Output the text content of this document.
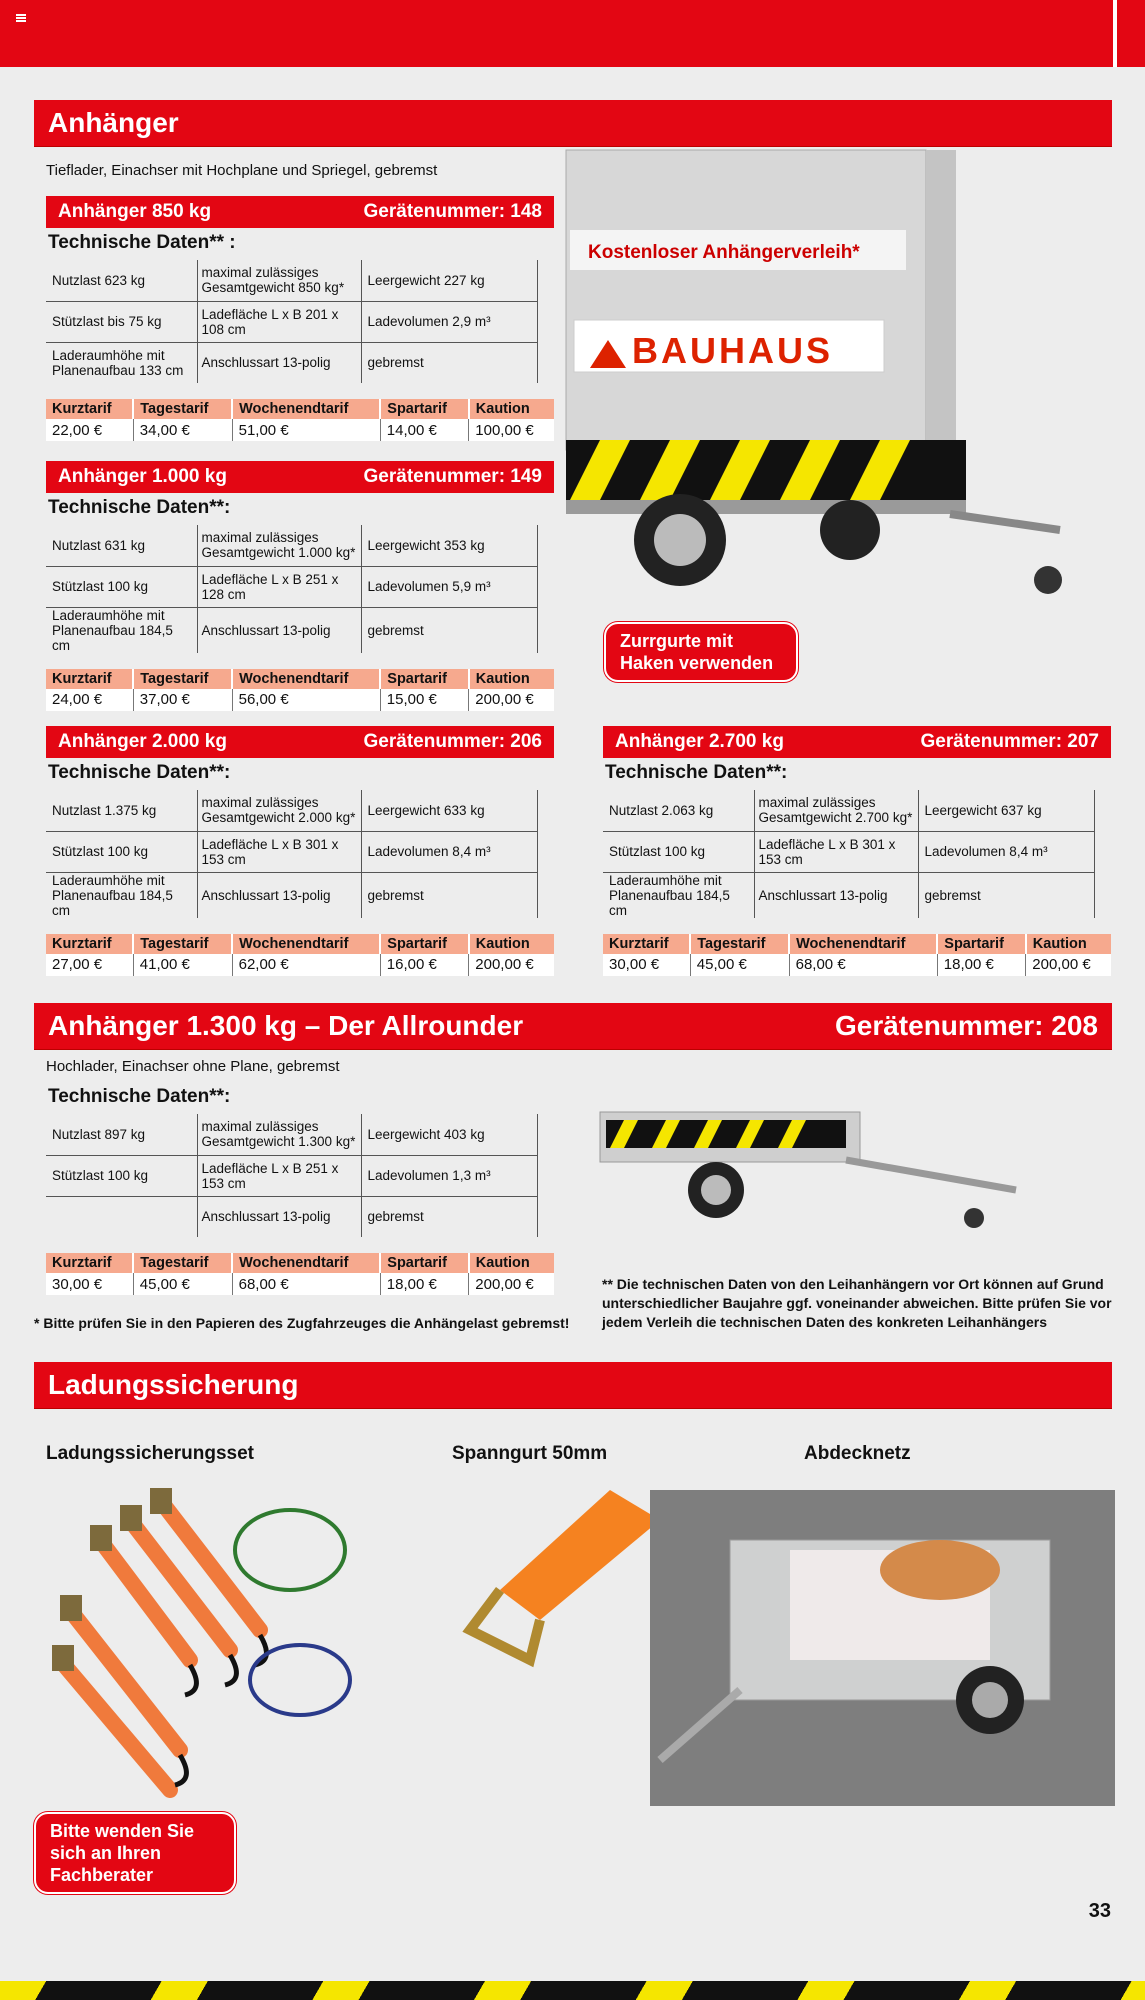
Anhänger
Tieflader, Einachser mit Hochplane und Spriegel, gebremst
Anhänger 850 kg	Gerätenummer: 148
Technische Daten** :
Nutzlast 623 kg	maximal zulässiges Gesamtgewicht 850 kg*	Leergewicht 227 kg
Stützlast bis 75 kg	Ladefläche L x B 201 x 108 cm	Ladevolumen 2,9 m³
Laderaumhöhe mit Planenaufbau 133 cm	Anschlussart 13-polig	gebremst
Kurztarif	Tagestarif	Wochenendtarif	Spartarif	Kaution
22,00 €	34,00 €	51,00 €	14,00 €	100,00 €
Anhänger 1.000 kg	Gerätenummer: 149
Technische Daten**:
Nutzlast 631 kg	maximal zulässiges Gesamtgewicht 1.000 kg*	Leergewicht 353 kg
Stützlast 100 kg	Ladefläche L x B 251 x 128 cm	Ladevolumen 5,9 m³
Laderaumhöhe mit Planenaufbau 184,5 cm	Anschlussart 13-polig	gebremst
Kurztarif	Tagestarif	Wochenendtarif	Spartarif	Kaution
24,00 €	37,00 €	56,00 €	15,00 €	200,00 €
Anhänger 2.000 kg	Gerätenummer: 206
Technische Daten**:
Nutzlast 1.375 kg	maximal zulässiges Gesamtgewicht 2.000 kg*	Leergewicht 633 kg
Stützlast 100 kg	Ladefläche L x B 301 x 153 cm	Ladevolumen 8,4 m³
Laderaumhöhe mit Planenaufbau 184,5 cm	Anschlussart 13-polig	gebremst
Kurztarif	Tagestarif	Wochenendtarif	Spartarif	Kaution
27,00 €	41,00 €	62,00 €	16,00 €	200,00 €
Anhänger 2.700 kg	Gerätenummer: 207
Technische Daten**:
Nutzlast 2.063 kg	maximal zulässiges Gesamtgewicht 2.700 kg*	Leergewicht 637 kg
Stützlast 100 kg	Ladefläche L x B 301 x 153 cm	Ladevolumen 8,4 m³
Laderaumhöhe mit Planenaufbau 184,5 cm	Anschlussart 13-polig	gebremst
Kurztarif	Tagestarif	Wochenendtarif	Spartarif	Kaution
30,00 €	45,00 €	68,00 €	18,00 €	200,00 €
Kostenloser Anhängerverleih*
BAUHAUS
Zurrgurte mit Haken verwenden
Anhänger 1.300 kg – Der Allrounder	Gerätenummer: 208
Hochlader, Einachser ohne Plane, gebremst
Technische Daten**:
Nutzlast 897 kg	maximal zulässiges Gesamtgewicht 1.300 kg*	Leergewicht 403 kg
Stützlast 100 kg	Ladefläche L x B 251 x 153 cm	Ladevolumen 1,3 m³
	Anschlussart 13-polig	gebremst
Kurztarif	Tagestarif	Wochenendtarif	Spartarif	Kaution
30,00 €	45,00 €	68,00 €	18,00 €	200,00 €	** Die technischen Daten von den Leihanhängern vor Ort können auf Grund unterschiedlicher Baujahre ggf. voneinander abweichen. Bitte prüfen Sie vor jedem Verleih die technischen Daten des konkreten Leihanhängers
* Bitte prüfen Sie in den Papieren des Zugfahrzeuges die Anhängelast gebremst!
Ladungssicherung
Ladungssicherungsset	Spanngurt 50mm	Abdecknetz
Bitte wenden Sie sich an Ihren Fachberater
33
